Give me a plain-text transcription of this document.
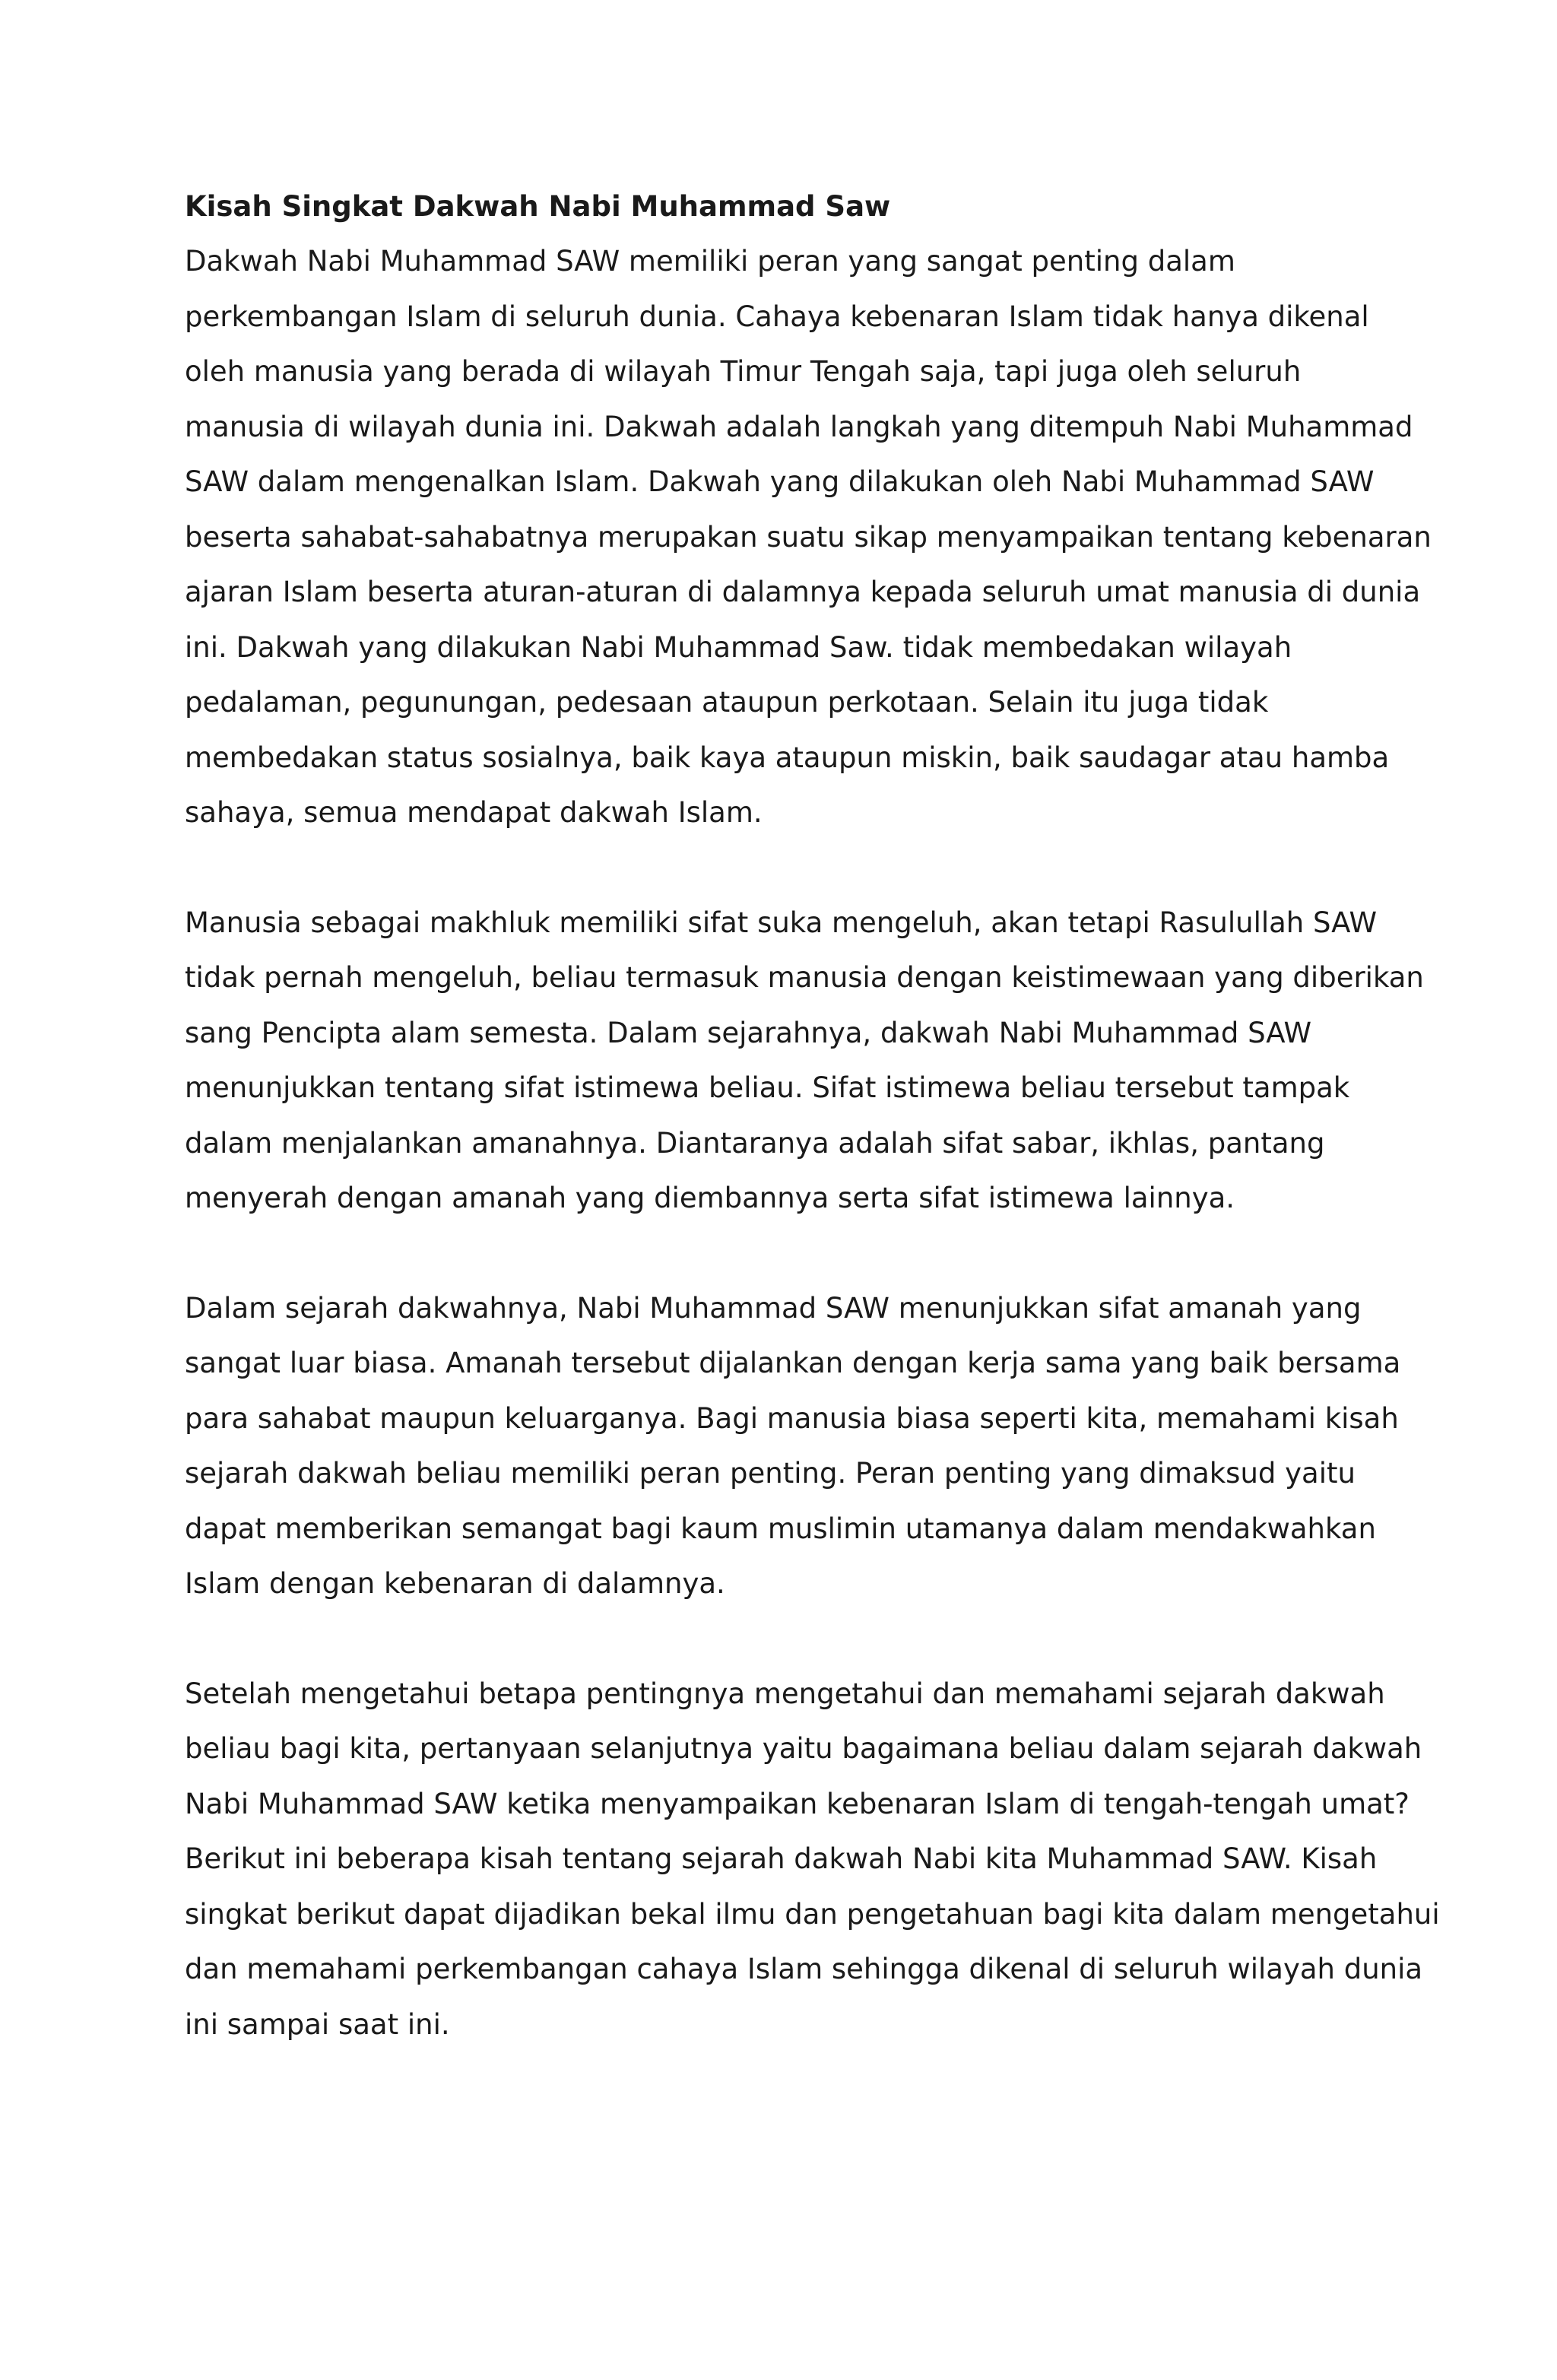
Kisah Singkat Dakwah Nabi Muhammad Saw

Dakwah Nabi Muhammad SAW memiliki peran yang sangat penting dalam
perkembangan Islam di seluruh dunia. Cahaya kebenaran Islam tidak hanya dikenal
oleh manusia yang berada di wilayah Timur Tengah saja, tapi juga oleh seluruh
manusia di wilayah dunia ini. Dakwah adalah langkah yang ditempuh Nabi Muhammad
SAW dalam mengenalkan Islam. Dakwah yang dilakukan oleh Nabi Muhammad SAW
beserta sahabat-sahabatnya merupakan suatu sikap menyampaikan tentang kebenaran
ajaran Islam beserta aturan-aturan di dalamnya kepada seluruh umat manusia di dunia
ini. Dakwah yang dilakukan Nabi Muhammad Saw. tidak membedakan wilayah
pedalaman, pegunungan, pedesaan ataupun perkotaan. Selain itu juga tidak
membedakan status sosialnya, baik kaya ataupun miskin, baik saudagar atau hamba
sahaya, semua mendapat dakwah Islam.

Manusia sebagai makhluk memiliki sifat suka mengeluh, akan tetapi Rasulullah SAW
tidak pernah mengeluh, beliau termasuk manusia dengan keistimewaan yang diberikan
sang Pencipta alam semesta. Dalam sejarahnya, dakwah Nabi Muhammad SAW
menunjukkan tentang sifat istimewa beliau. Sifat istimewa beliau tersebut tampak
dalam menjalankan amanahnya. Diantaranya adalah sifat sabar, ikhlas, pantang
menyerah dengan amanah yang diembannya serta sifat istimewa lainnya.

Dalam sejarah dakwahnya, Nabi Muhammad SAW menunjukkan sifat amanah yang
sangat luar biasa. Amanah tersebut dijalankan dengan kerja sama yang baik bersama
para sahabat maupun keluarganya. Bagi manusia biasa seperti kita, memahami kisah
sejarah dakwah beliau memiliki peran penting. Peran penting yang dimaksud yaitu
dapat memberikan semangat bagi kaum muslimin utamanya dalam mendakwahkan
Islam dengan kebenaran di dalamnya.

Setelah mengetahui betapa pentingnya mengetahui dan memahami sejarah dakwah
beliau bagi kita, pertanyaan selanjutnya yaitu bagaimana beliau dalam sejarah dakwah
Nabi Muhammad SAW ketika menyampaikan kebenaran Islam di tengah-tengah umat?
Berikut ini beberapa kisah tentang sejarah dakwah Nabi kita Muhammad SAW. Kisah
singkat berikut dapat dijadikan bekal ilmu dan pengetahuan bagi kita dalam mengetahui
dan memahami perkembangan cahaya Islam sehingga dikenal di seluruh wilayah dunia
ini sampai saat ini.
